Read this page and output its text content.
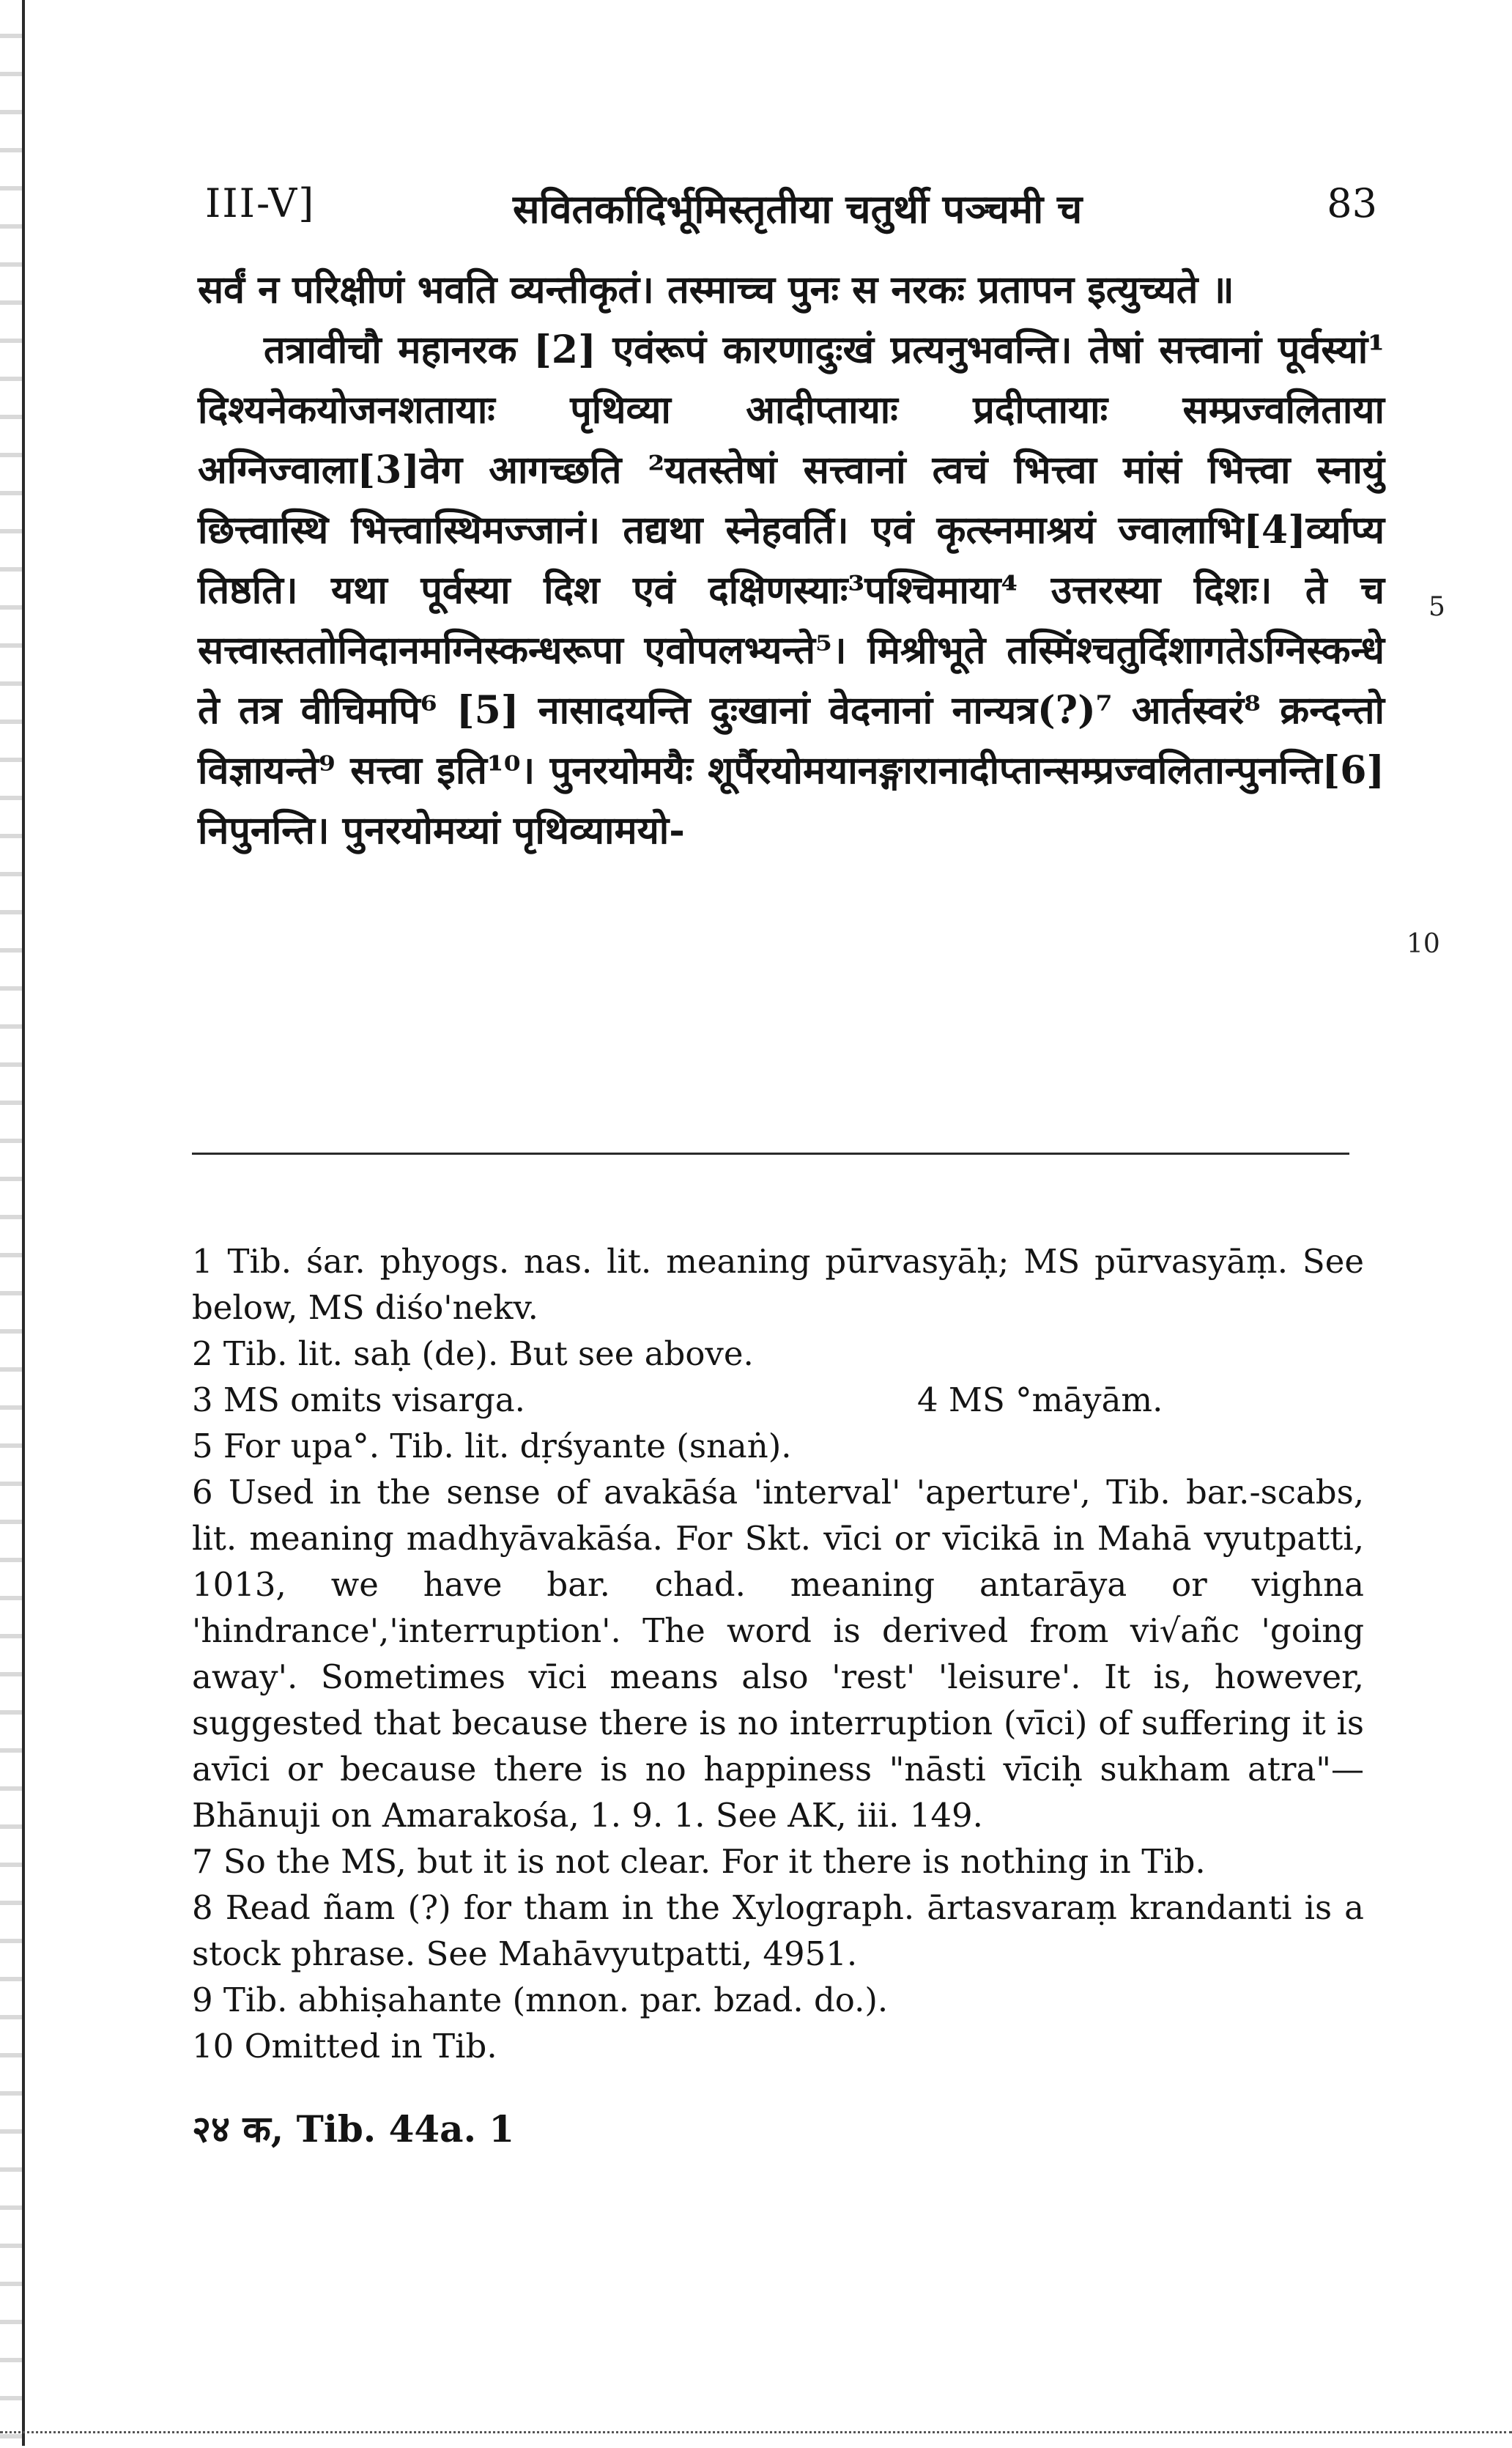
III-V]	सवितर्कादिर्भूमिस्तृतीया चतुर्थी पञ्चमी च	83

सर्वं न परिक्षीणं भवति व्यन्तीकृतं। तस्माच्च पुनः स नरकः प्रतापन इत्युच्यते ॥

तत्रावीचौ महानरक [2] एवंरूपं कारणादुःखं प्रत्यनुभवन्ति। तेषां सत्त्वानां पूर्वस्यां¹ दिश्यनेकयोजनशतायाः पृथिव्या आदीप्तायाः प्रदीप्तायाः सम्प्रज्वलिताया अग्निज्वाला[3]वेग आगच्छति ²यतस्तेषां सत्त्वानां त्वचं भित्त्वा मांसं भित्त्वा स्नायुं छित्त्वास्थि भित्त्वास्थिमज्जानं। तद्यथा स्नेहवर्ति। एवं कृत्स्नमाश्रयं ज्वालाभि[4]र्व्याप्य तिष्ठति। यथा पूर्वस्या दिश एवं दक्षिणस्याः³पश्चिमाया⁴ उत्तरस्या दिशः। ते च सत्त्वास्ततोनिदानमग्निस्कन्धरूपा एवोपलभ्यन्ते⁵। मिश्रीभूते तस्मिंश्चतुर्दिशागतेऽग्निस्कन्धे ते तत्र वीचिमपि⁶ [5] नासादयन्ति दुःखानां वेदनानां नान्यत्र(?)⁷ आर्तस्वरं⁸ क्रन्दन्तो विज्ञायन्ते⁹ सत्त्वा इति¹⁰। पुनरयोमयैः शूर्पैरयोमयानङ्गारानादीप्तान्सम्प्रज्वलितान्पुनन्ति[6] निपुनन्ति। पुनरयोमय्यां पृथिव्यामयो-

5
10

1 Tib. śar. phyogs. nas. lit. meaning pūrvasyāḥ; MS pūrvasyāṃ. See below, MS diśo'nekv.

2 Tib. lit. saḥ (de). But see above.

3 MS omits visarga.	4 MS °māyām.

5 For upa°. Tib. lit. dṛśyante (snaṅ).

6 Used in the sense of avakāśa 'interval' 'aperture', Tib. bar.-scabs, lit. meaning madhyāvakāśa. For Skt. vīci or vīcikā in Mahā vyutpatti, 1013, we have bar. chad. meaning antarāya or vighna 'hindrance','interruption'. The word is derived from vi√añc 'going away'. Sometimes vīci means also 'rest' 'leisure'. It is, however, suggested that because there is no interruption (vīci) of suffering it is avīci or because there is no happiness "nāsti vīciḥ sukham atra"—Bhānuji on Amarakośa, 1. 9. 1. See AK, iii. 149.

7 So the MS, but it is not clear. For it there is nothing in Tib.

8 Read ñam (?) for tham in the Xylograph. ārtasvaraṃ krandanti is a stock phrase. See Mahāvyutpatti, 4951.

9 Tib. abhiṣahante (mnon. par. bzad. do.).

10 Omitted in Tib.

२४ क, Tib. 44a. 1
